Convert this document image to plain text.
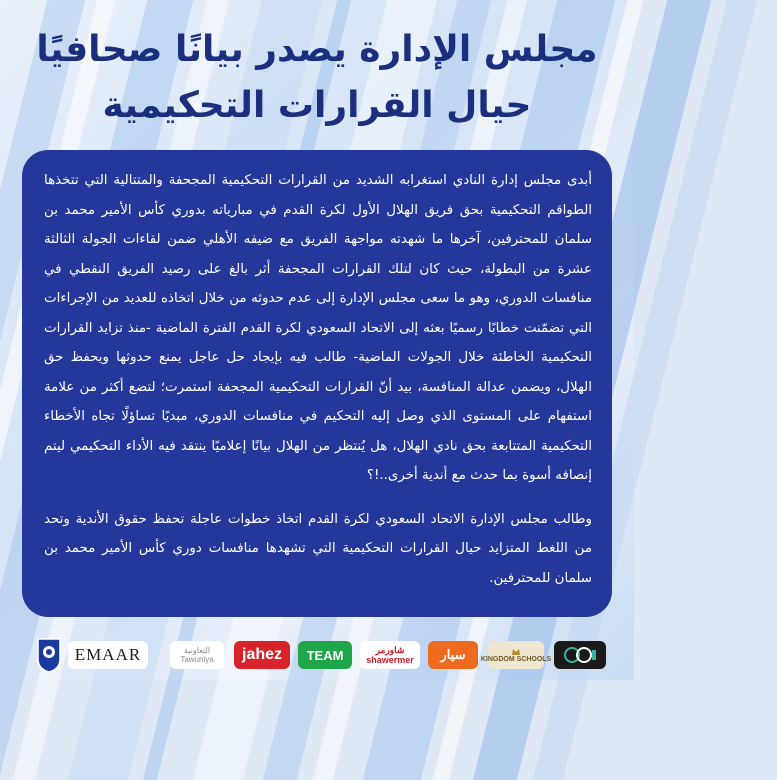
مجلس الإدارة يصدر بيانًا صحافيًا
حيال القرارات التحكيمية

أبدى مجلس إدارة النادي استغرابه الشديد من القرارات التحكيمية المجحفة والمتتالية التي تتخذها الطواقم التحكيمية بحق فريق الهلال الأول لكرة القدم في مبارياته بدوري كأس الأمير محمد بن سلمان للمحترفين، آخرها ما شهدته مواجهة الفريق مع ضيفه الأهلي ضمن لقاءات الجولة الثالثة عشرة من البطولة، حيث كان لتلك القرارات المجحفة أثر بالغ على رصيد الفريق النقطي في منافسات الدوري، وهو ما سعى مجلس الإدارة إلى عدم حدوثه من خلال اتخاذه للعديد من الإجراءات التي تضمّنت خطابًا رسميًا بعثه إلى الاتحاد السعودي لكرة القدم الفترة الماضية -منذ تزايد القرارات التحكيمية الخاطئة خلال الجولات الماضية- طالب فيه بإيجاد حل عاجل يمنع حدوثها ويحفظ حق الهلال، ويضمن عدالة المنافسة، بيد أنّ القرارات التحكيمية المجحفة استمرت؛ لتضع أكثر من علامة استفهام على المستوى الذي وصل إليه التحكيم في منافسات الدوري، مبديًا تساؤلًا تجاه الأخطاء التحكيمية المتتابعة بحق نادي الهلال، هل يُنتظر من الهلال بيانًا إعلاميًا ينتقد فيه الأداء التحكيمي ليتم إنصافه أسوة بما حدث مع أندية أخرى..!؟

وطالب مجلس الإدارة الاتحاد السعودي لكرة القدم اتخاذ خطوات عاجلة تحفظ حقوق الأندية وتحد من اللغط المتزايد حيال القرارات التحكيمية التي تشهدها منافسات دوري كأس الأمير محمد بن سلمان للمحترفين.

EMAAR	التعاونية
Tawuniya jahez TEAM	شاورمر
shawermer سيار KINGDOM SCHOOLS
